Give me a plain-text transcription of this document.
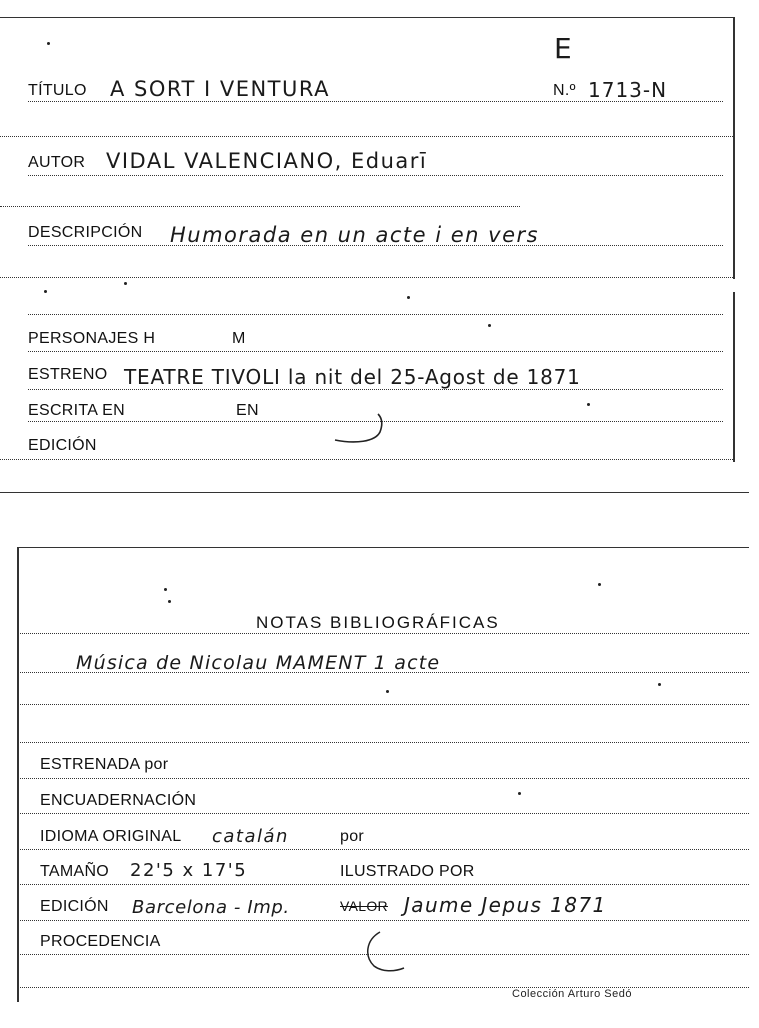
E
TÍTULO A SORT I VENTURA	N.º 1713-N
AUTOR VIDAL VALENCIANO, Eduarī
DESCRIPCIÓN Humorada en un acte i en vers
PERSONAJES H	M
ESTRENO TEATRE TIVOLI la nit del 25-Agost de 1871
ESCRITA EN	EN
EDICIÓN
NOTAS BIBLIOGRÁFICAS
Música de Nicolau MAMENT 1 acte
ESTRENADA por
ENCUADERNACIÓN
IDIOMA ORIGINAL catalán	por
TAMAÑO 22'5 x 17'5	ILUSTRADO POR
EDICIÓN Barcelona - Imp.	VALOR Jaume Jepus 1871
PROCEDENCIA
Colección Arturo Sedó
